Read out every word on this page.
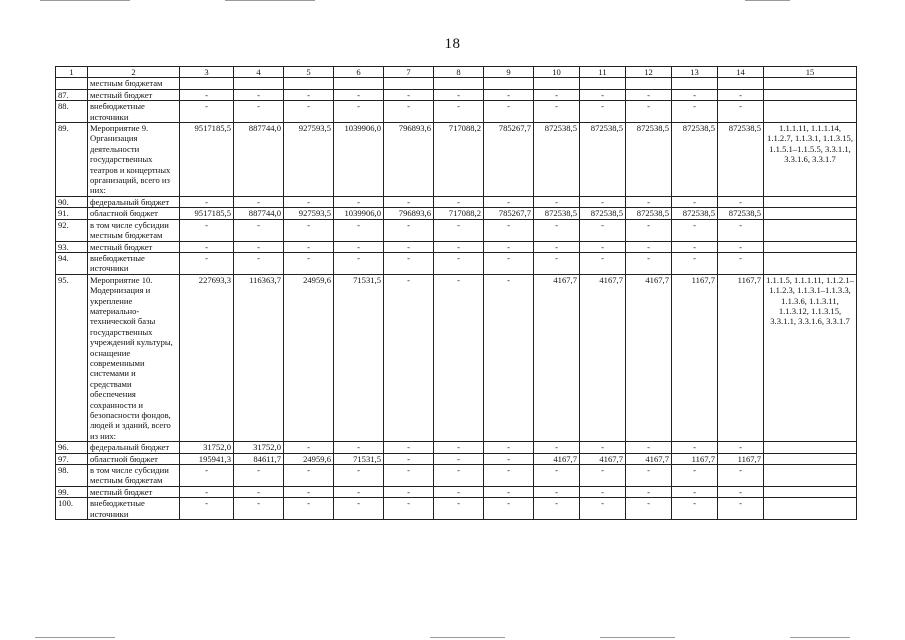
18
1	2	3	4	5	6	7	8	9	10	11	12	13	14	15
	местным бюджетам													
87.	местный бюджет	-	-	-	-	-	-	-	-	-	-	-	-	
88.	внебюджетные источники	-	-	-	-	-	-	-	-	-	-	-	-	
89.	Мероприятие 9. Организация деятельности государственных театров и концертных организаций, всего из них:	9517185,5	887744,0	927593,5	1039906,0	796893,6	717088,2	785267,7	872538,5	872538,5	872538,5	872538,5	872538,5	1.1.1.11, 1.1.1.14, 1.1.2.7, 1.1.3.1, 1.1.3.15, 1.1.5.1–1.1.5.5, 3.3.1.1, 3.3.1.6, 3.3.1.7
90.	федеральный бюджет	-	-	-	-	-	-	-	-	-	-	-	-	
91.	областной бюджет	9517185,5	887744,0	927593,5	1039906,0	796893,6	717088,2	785267,7	872538,5	872538,5	872538,5	872538,5	872538,5	
92.	в том числе субсидии местным бюджетам	-	-	-	-	-	-	-	-	-	-	-	-	
93.	местный бюджет	-	-	-	-	-	-	-	-	-	-	-	-	
94.	внебюджетные источники	-	-	-	-	-	-	-	-	-	-	-	-	
95.	Мероприятие 10. Модернизация и укрепление материально-технической базы государственных учреждений культуры, оснащение современными системами и средствами обеспечения сохранности и безопасности фондов, людей и зданий, всего из них:	227693,3	116363,7	24959,6	71531,5	-	-	-	4167,7	4167,7	4167,7	1167,7	1167,7	1.1.1.5, 1.1.1.11, 1.1.2.1–1.1.2.3, 1.1.3.1–1.1.3.3, 1.1.3.6, 1.1.3.11, 1.1.3.12, 1.1.3.15, 3.3.1.1, 3.3.1.6, 3.3.1.7
96.	федеральный бюджет	31752,0	31752,0	-	-	-	-	-	-	-	-	-	-	
97.	областной бюджет	195941,3	84611,7	24959,6	71531,5	-	-	-	4167,7	4167,7	4167,7	1167,7	1167,7	
98.	в том числе субсидии местным бюджетам	-	-	-	-	-	-	-	-	-	-	-	-	
99.	местный бюджет	-	-	-	-	-	-	-	-	-	-	-	-	
100.	внебюджетные источники	-	-	-	-	-	-	-	-	-	-	-	-	
